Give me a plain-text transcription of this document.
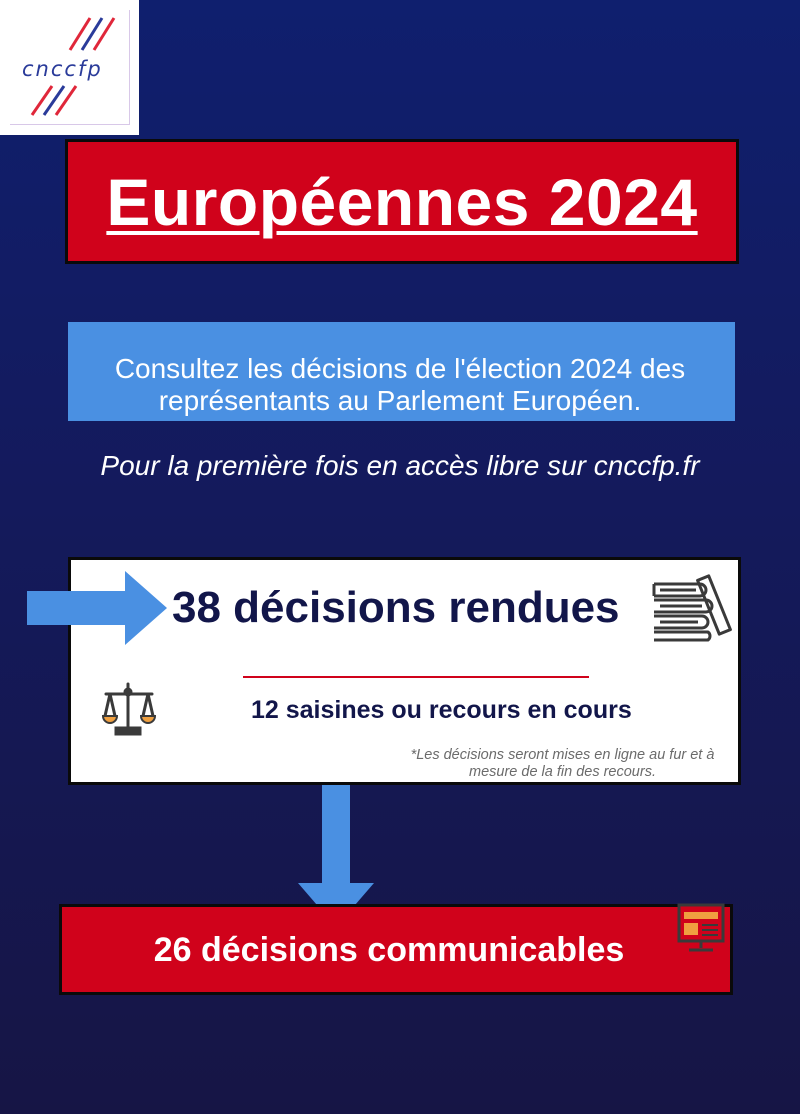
cnccfp
Européennes 2024
Consultez les décisions de l'élection 2024 des
représentants au Parlement Européen.
Pour la première fois en accès libre sur cnccfp.fr
38 décisions rendues
12 saisines ou recours en cours
*Les décisions seront mises en ligne au fur et à
mesure de la fin des recours.
26 décisions communicables
